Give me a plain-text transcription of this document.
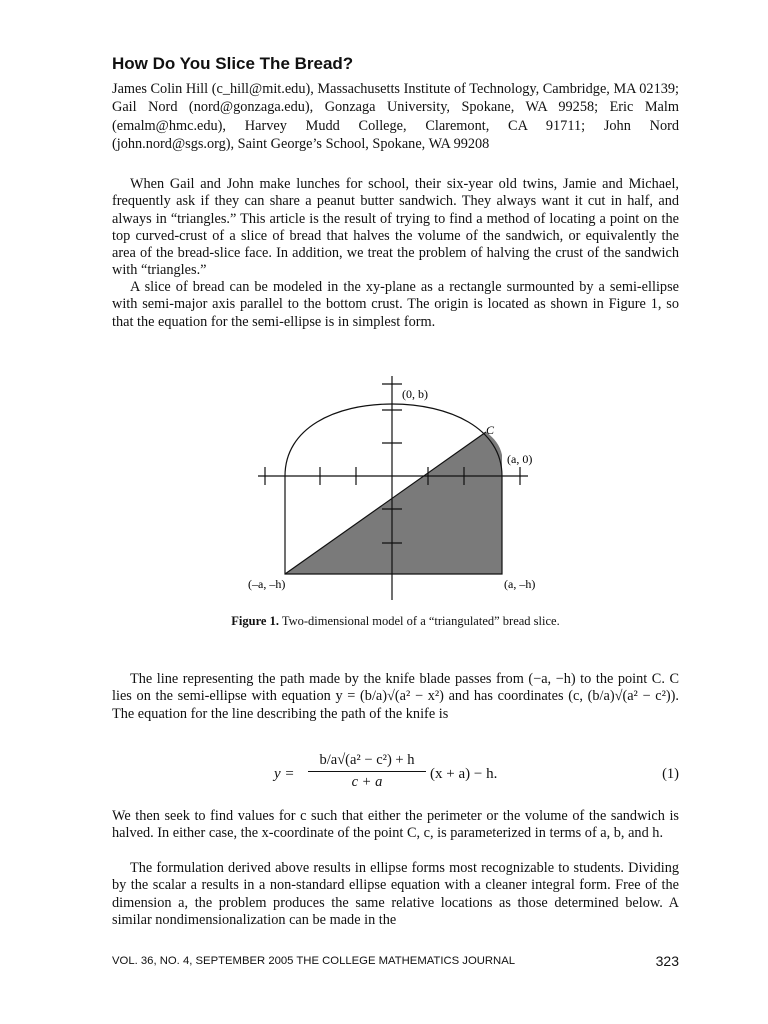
How Do You Slice The Bread?

James Colin Hill (c_hill@mit.edu), Massachusetts Institute of Technology, Cambridge, MA 02139; Gail Nord (nord@gonzaga.edu), Gonzaga University, Spokane, WA 99258; Eric Malm (emalm@hmc.edu), Harvey Mudd College, Claremont, CA 91711; John Nord (john.nord@sgs.org), Saint George’s School, Spokane, WA 99208

When Gail and John make lunches for school, their six-year old twins, Jamie and Michael, frequently ask if they can share a peanut butter sandwich. They always want it cut in half, and always in “triangles.” This article is the result of trying to find a method of locating a point on the top curved-crust of a slice of bread that halves the volume of the sandwich, or equivalently the area of the bread-slice face. In addition, we treat the problem of halving the crust of the sandwich with “triangles.”

A slice of bread can be modeled in the xy-plane as a rectangle surmounted by a semi-ellipse with semi-major axis parallel to the bottom crust. The origin is located as shown in Figure 1, so that the equation for the semi-ellipse is in simplest form.

(0, b)
C
(a, 0)
(–a, –h)	(a, –h)

Figure 1. Two-dimensional model of a “triangulated” bread slice.

The line representing the path made by the knife blade passes from (−a, −h) to the point C. C lies on the semi-ellipse with equation y = (b/a)√(a² − x²) and has coordinates (c, (b/a)√(a² − c²)). The equation for the line describing the path of the knife is

$y = \frac{\text{b/a√(a² − c²) + h}}{c + a} (x + a) - h$.	(1)

We then seek to find values for c such that either the perimeter or the volume of the sandwich is halved. In either case, the x-coordinate of the point C, c, is parameterized in terms of a, b, and h.

The formulation derived above results in ellipse forms most recognizable to students. Dividing by the scalar a results in a non-standard ellipse equation with a cleaner integral form. Free of the dimension a, the problem produces the same relative locations as those determined below. A similar nondimensionalization can be made in the

VOL. 36, NO. 4, SEPTEMBER 2005 THE COLLEGE MATHEMATICS JOURNAL	323
